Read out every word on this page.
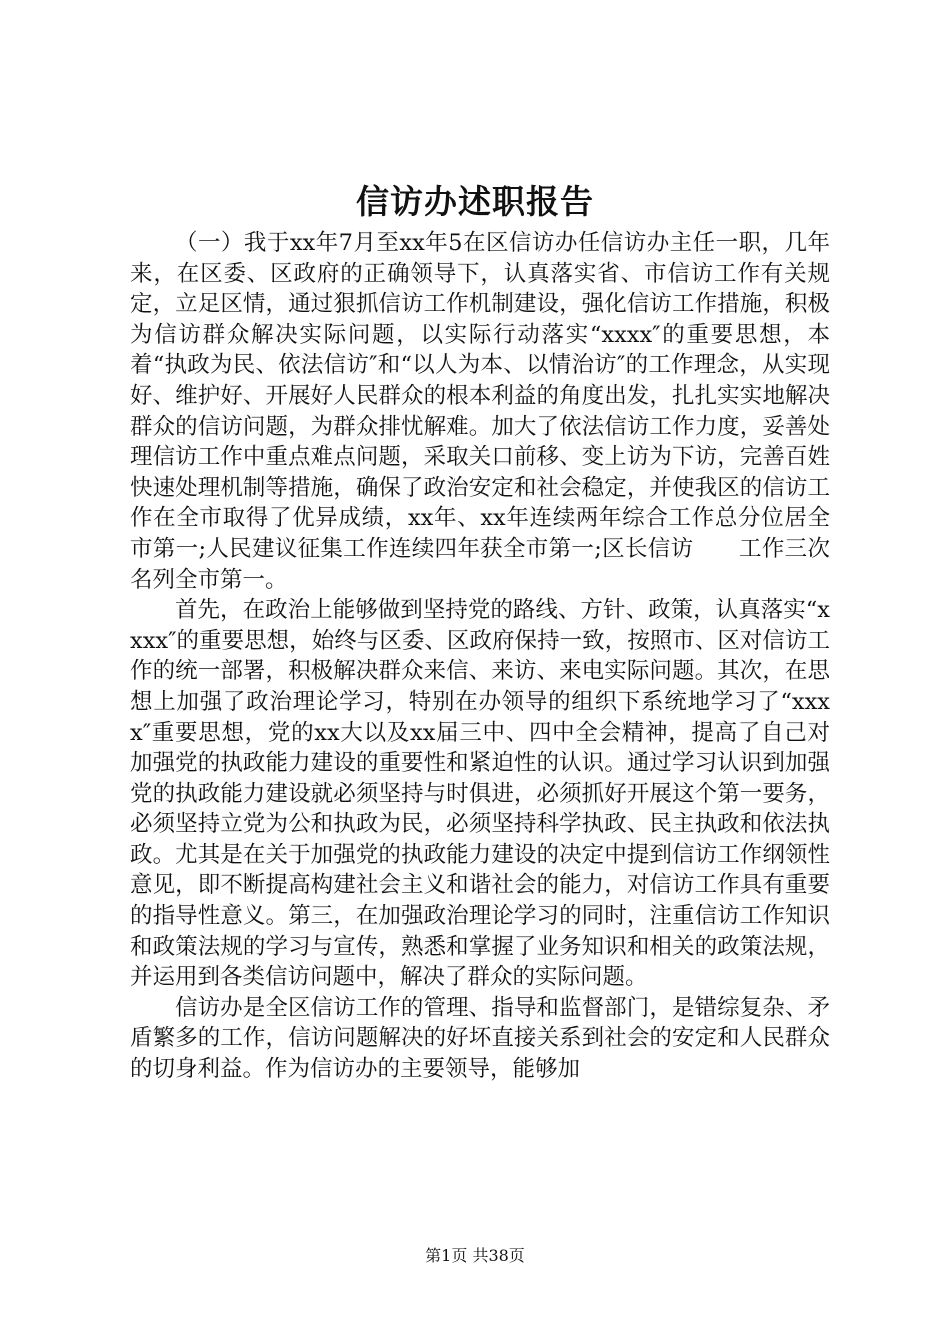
信访办述职报告

（一）我于xx年7月至xx年5在区信访办任信访办主任一职，几年来，在区委、区政府的正确领导下，认真落实省、市信访工作有关规定，立足区情，通过狠抓信访工作机制建设，强化信访工作措施，积极为信访群众解决实际问题，以实际行动落实“xxxx″的重要思想，本着“执政为民、依法信访″和“以人为本、以情治访″的工作理念，从实现好、维护好、开展好人民群众的根本利益的角度出发，扎扎实实地解决群众的信访问题，为群众排忧解难。加大了依法信访工作力度，妥善处理信访工作中重点难点问题，采取关口前移、变上访为下访，完善百姓快速处理机制等措施，确保了政治安定和社会稳定，并使我区的信访工作在全市取得了优异成绩，xx年、xx年连续两年综合工作总分位居全市第一;人民建议征集工作连续四年获全市第一;区长信访　　工作三次名列全市第一。

首先，在政治上能够做到坚持党的路线、方针、政策，认真落实“xxxx″的重要思想，始终与区委、区政府保持一致，按照市、区对信访工作的统一部署，积极解决群众来信、来访、来电实际问题。其次，在思想上加强了政治理论学习，特别在办领导的组织下系统地学习了“xxxx″重要思想，党的xx大以及xx届三中、四中全会精神，提高了自己对加强党的执政能力建设的重要性和紧迫性的认识。通过学习认识到加强党的执政能力建设就必须坚持与时俱进，必须抓好开展这个第一要务，必须坚持立党为公和执政为民，必须坚持科学执政、民主执政和依法执政。尤其是在关于加强党的执政能力建设的决定中提到信访工作纲领性意见，即不断提高构建社会主义和谐社会的能力，对信访工作具有重要的指导性意义。第三，在加强政治理论学习的同时，注重信访工作知识和政策法规的学习与宣传，熟悉和掌握了业务知识和相关的政策法规，并运用到各类信访问题中，解决了群众的实际问题。

信访办是全区信访工作的管理、指导和监督部门，是错综复杂、矛盾繁多的工作，信访问题解决的好坏直接关系到社会的安定和人民群众的切身利益。作为信访办的主要领导，能够加

第1页 共38页
